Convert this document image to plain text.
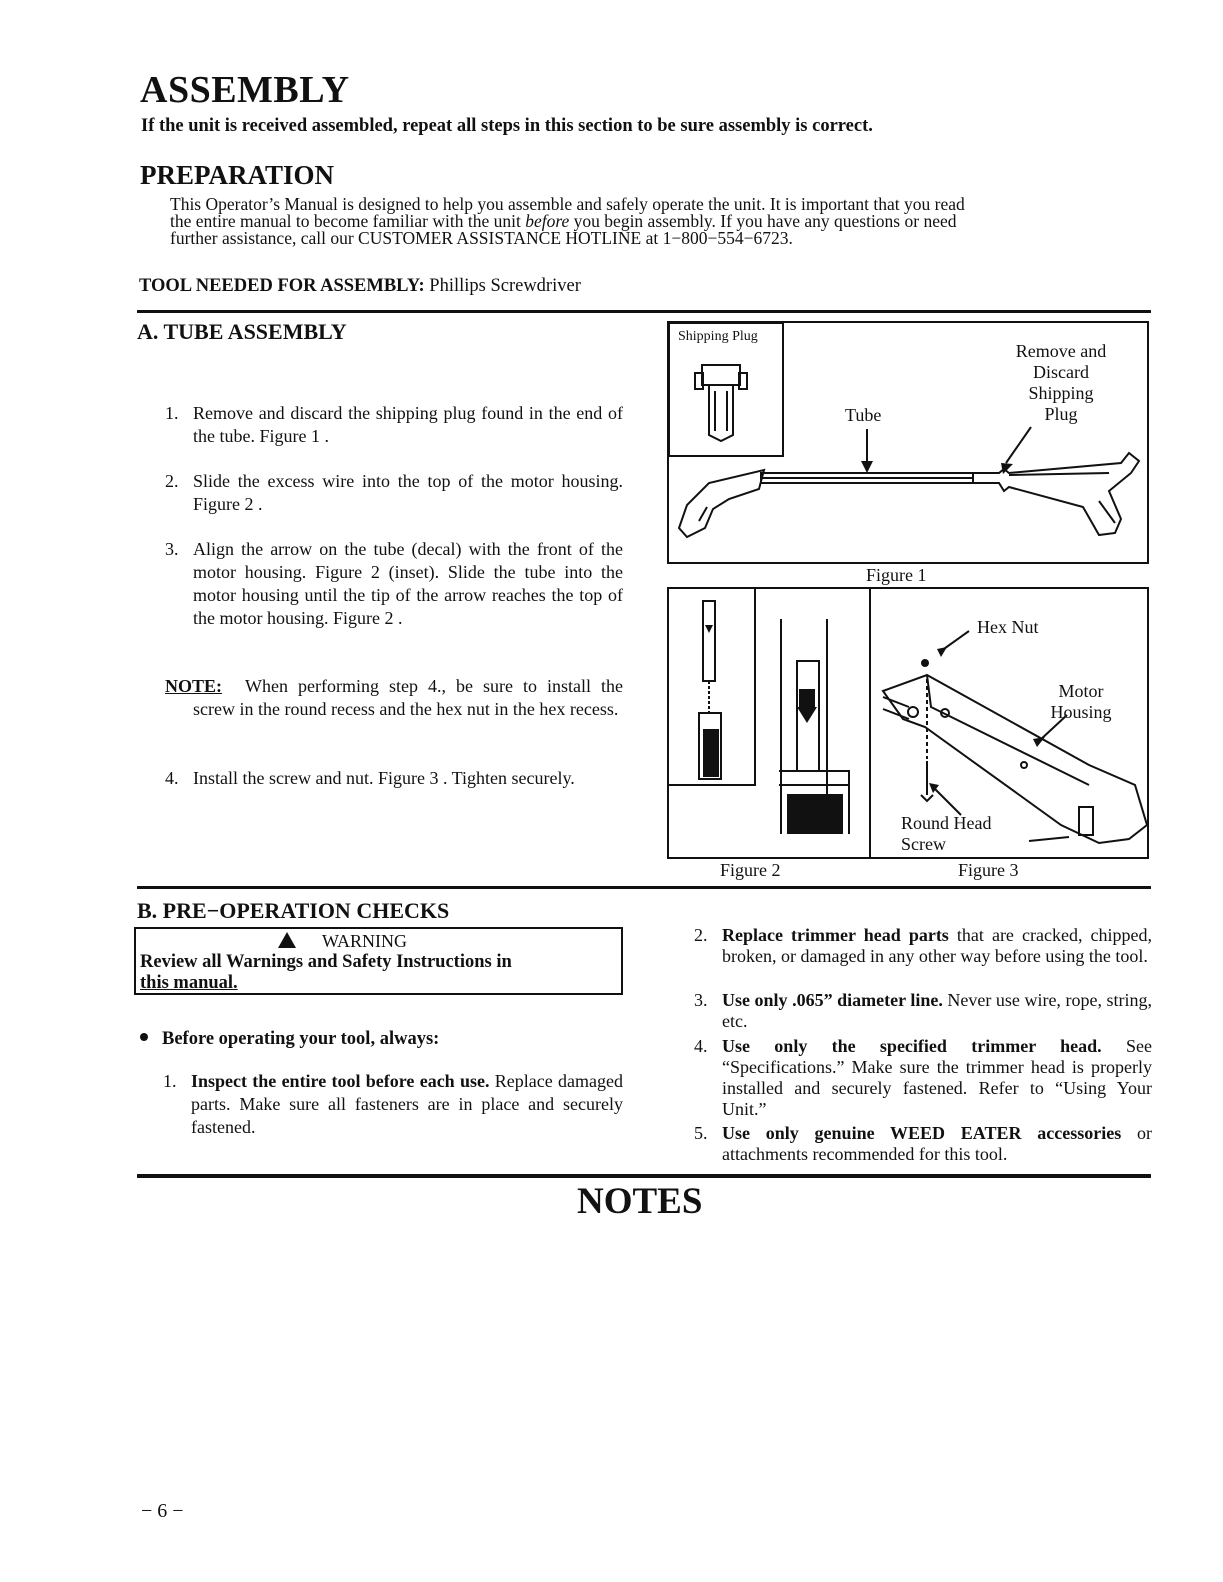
ASSEMBLY
If the unit is received assembled, repeat all steps in this section to be sure assembly is correct.
PREPARATION
This Operator’s Manual is designed to help you assemble and safely operate the unit. It is important that you read
the entire manual to become familiar with the unit before you begin assembly. If you have any questions or need
further assistance, call our CUSTOMER ASSISTANCE HOTLINE at 1−800−554−6723.
TOOL NEEDED FOR ASSEMBLY: Phillips Screwdriver
A. TUBE ASSEMBLY
1. Remove and discard the shipping plug found in the end of the tube. Figure 1 .
2. Slide the excess wire into the top of the motor housing. Figure 2 .
3. Align the arrow on the tube (decal) with the front of the motor housing. Figure 2 (inset). Slide the tube into the motor housing until the tip of the arrow reaches the top of the motor housing. Figure 2 .
NOTE:	When performing step 4., be sure to install the screw in the round recess and the hex nut in the hex recess.
4. Install the screw and nut. Figure 3 . Tighten securely.
Shipping Plug
Remove and
Discard
Shipping
Plug
Tube
Figure 1
Hex Nut
Motor
Housing
Round Head
Screw
Figure 2	Figure 3
B. PRE−OPERATION CHECKS
WARNING
Review all Warnings and Safety Instructions in
this manual.
Before operating your tool, always:
1. Inspect the entire tool before each use. Replace damaged parts. Make sure all fasteners are in place and securely fastened.
2. Replace trimmer head parts that are cracked, chipped, broken, or damaged in any other way before using the tool.
3. Use only .065” diameter line. Never use wire, rope, string, etc.
4. Use only the specified trimmer head. See “Specifications.” Make sure the trimmer head is properly installed and securely fastened. Refer to “Using Your Unit.”
5. Use only genuine WEED EATER accessories or attachments recommended for this tool.
NOTES
− 6 −
